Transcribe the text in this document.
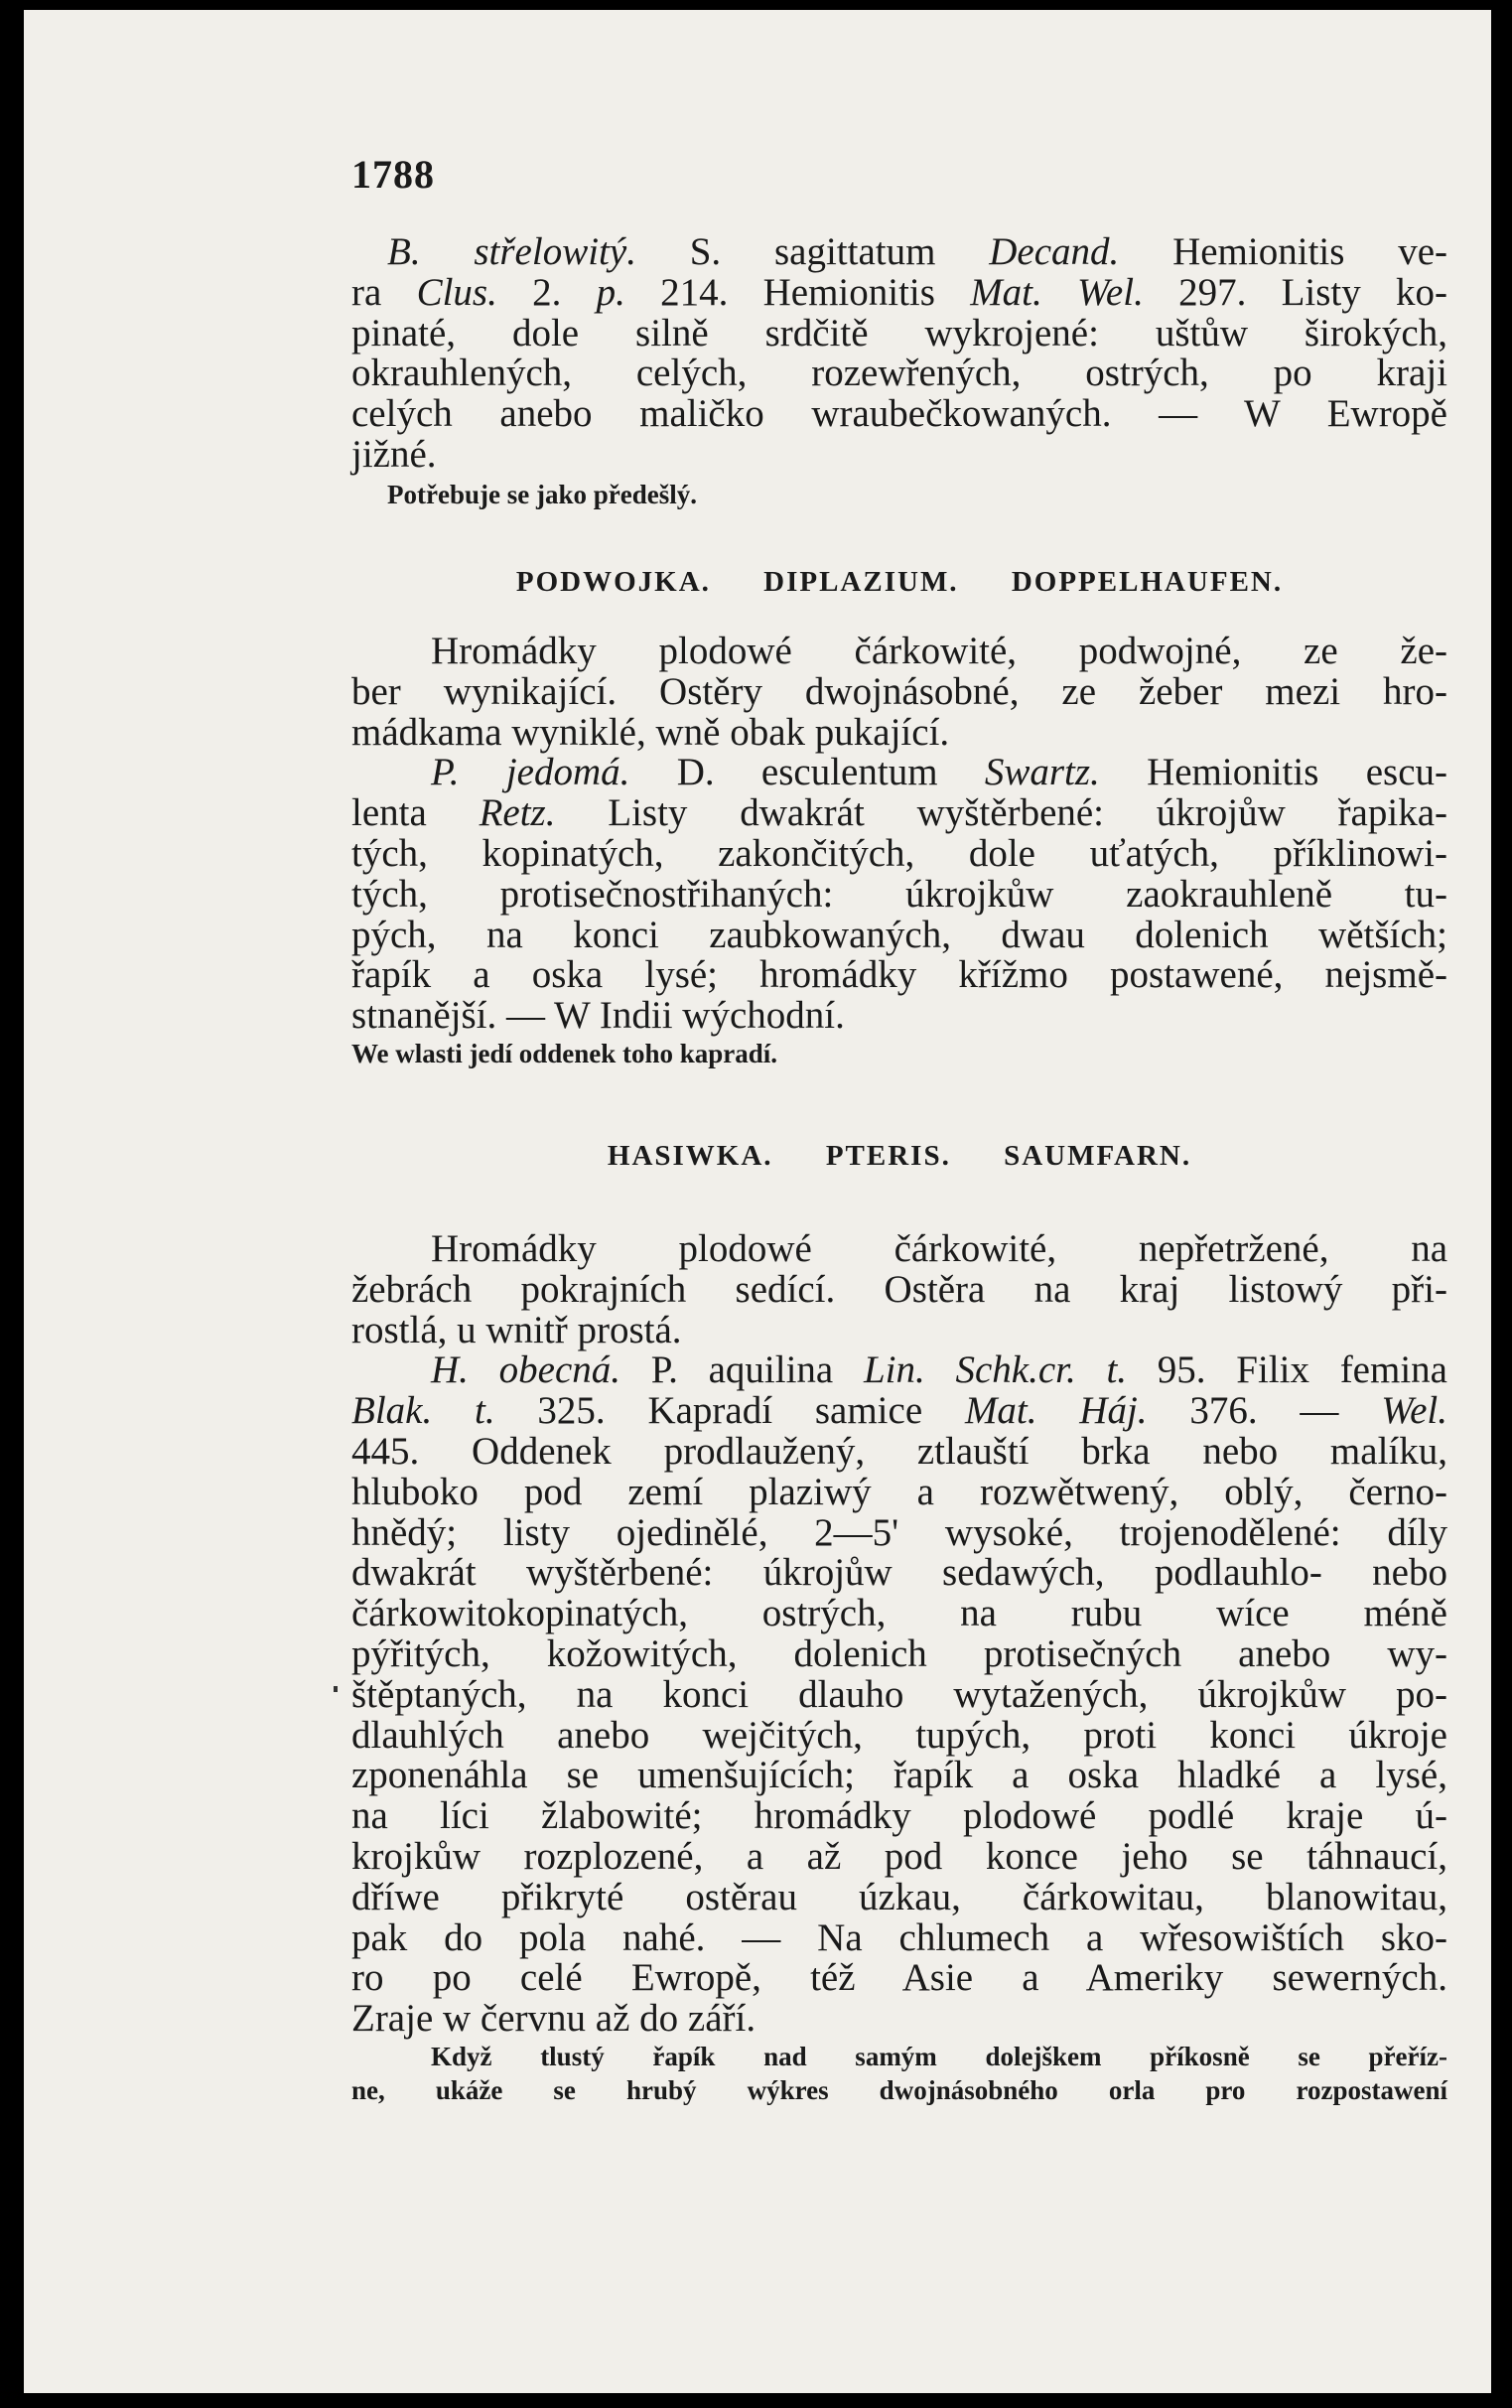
1788
B. střelowitý. S. sagittatum Decand. Hemionitis ve-
ra Clus. 2. p. 214. Hemionitis Mat. Wel. 297. Listy ko-
pinaté, dole silně srdčitě wykrojené: uštůw širokých,
okrauhlených, celých, rozewřených, ostrých, po kraji
celých anebo maličko wraubečkowaných. — W Ewropě
jižné.
Potřebuje se jako předešlý.
PODWOJKA. DIPLAZIUM. DOPPELHAUFEN.
Hromádky plodowé čárkowité, podwojné, ze že-
ber wynikající. Ostěry dwojnásobné, ze žeber mezi hro-
mádkama wyniklé, wně obak pukající.
P. jedomá. D. esculentum Swartz. Hemionitis escu-
lenta Retz. Listy dwakrát wyštěrbené: úkrojůw řapika-
tých, kopinatých, zakončitých, dole uťatých, příklinowi-
tých, protisečnostřihaných: úkrojkůw zaokrauhleně tu-
pých, na konci zaubkowaných, dwau dolenich wětších;
řapík a oska lysé; hromádky křížmo postawené, nejsmě-
stnanější. — W Indii wýchodní.
We wlasti jedí oddenek toho kapradí.
HASIWKA. PTERIS. SAUMFARN.
Hromádky plodowé čárkowité, nepřetržené, na
žebrách pokrajních sedící. Ostěra na kraj listowý při-
rostlá, u wnitř prostá.
H. obecná. P. aquilina Lin. Schk.cr. t. 95. Filix femina
Blak. t. 325. Kapradí samice Mat. Háj. 376. — Wel.
445. Oddenek prodlaužený, ztlauští brka nebo malíku,
hluboko pod zemí plaziwý a rozwětwený, oblý, černo-
hnědý; listy ojedinělé, 2—5' wysoké, trojenodělené: díly
dwakrát wyštěrbené: úkrojůw sedawých, podlauhlo- nebo
čárkowitokopinatých, ostrých, na rubu wíce méně
pýřitých, kožowitých, dolenich protisečných anebo wy-
štěptaných, na konci dlauho wytažených, úkrojkůw po-
dlauhlých anebo wejčitých, tupých, proti konci úkroje
zponenáhla se umenšujících; řapík a oska hladké a lysé,
na líci žlabowité; hromádky plodowé podlé kraje ú-
krojkůw rozplozené, a až pod konce jeho se táhnaucí,
dříwe přikryté ostěrau úzkau, čárkowitau, blanowitau,
pak do pola nahé. — Na chlumech a wřesowištích sko-
ro po celé Ewropě, též Asie a Ameriky sewerných.
Zraje w červnu až do září.
Když tlustý řapík nad samým dolejškem příkosně se přeříz-
ne, ukáže se hrubý wýkres dwojnásobného orla pro rozpostawení
